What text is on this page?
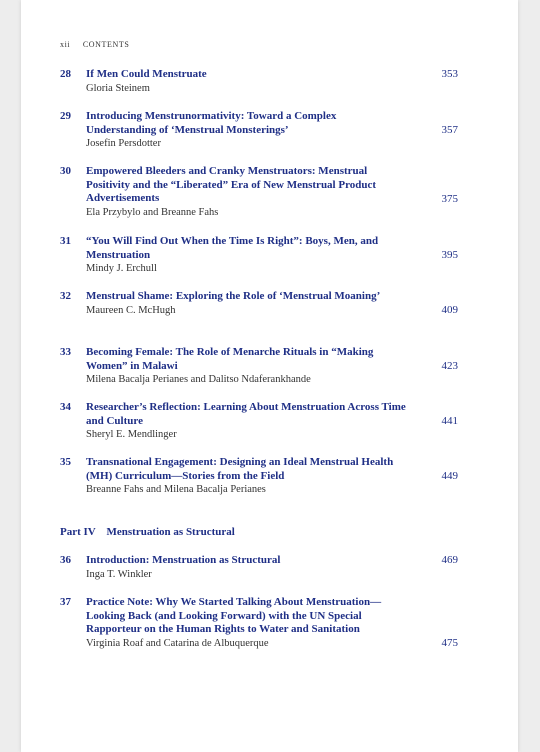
xii CONTENTS
28	If Men Could Menstruate
Gloria Steinem
353
29	Introducing Menstrunormativity: Toward a Complex Understanding of ‘Menstrual Monsterings’
Josefin Persdotter
357
30	Empowered Bleeders and Cranky Menstruators: Menstrual Positivity and the “Liberated” Era of New Menstrual Product Advertisements
Ela Przybylo and Breanne Fahs
375
31	“You Will Find Out When the Time Is Right”: Boys, Men, and Menstruation
Mindy J. Erchull
395
32	Menstrual Shame: Exploring the Role of ‘Menstrual Moaning’
Maureen C. McHugh	409
33	Becoming Female: The Role of Menarche Rituals in “Making Women” in Malawi
Milena Bacalja Perianes and Dalitso Ndaferankhande
423
34	Researcher’s Reflection: Learning About Menstruation Across Time and Culture
Sheryl E. Mendlinger
441
35	Transnational Engagement: Designing an Ideal Menstrual Health (MH) Curriculum—Stories from the Field
Breanne Fahs and Milena Bacalja Perianes
449
Part IV Menstruation as Structural
36	Introduction: Menstruation as Structural
Inga T. Winkler
469
37	Practice Note: Why We Started Talking About Menstruation—Looking Back (and Looking Forward) with the UN Special Rapporteur on the Human Rights to Water and Sanitation
Virginia Roaf and Catarina de Albuquerque	475
